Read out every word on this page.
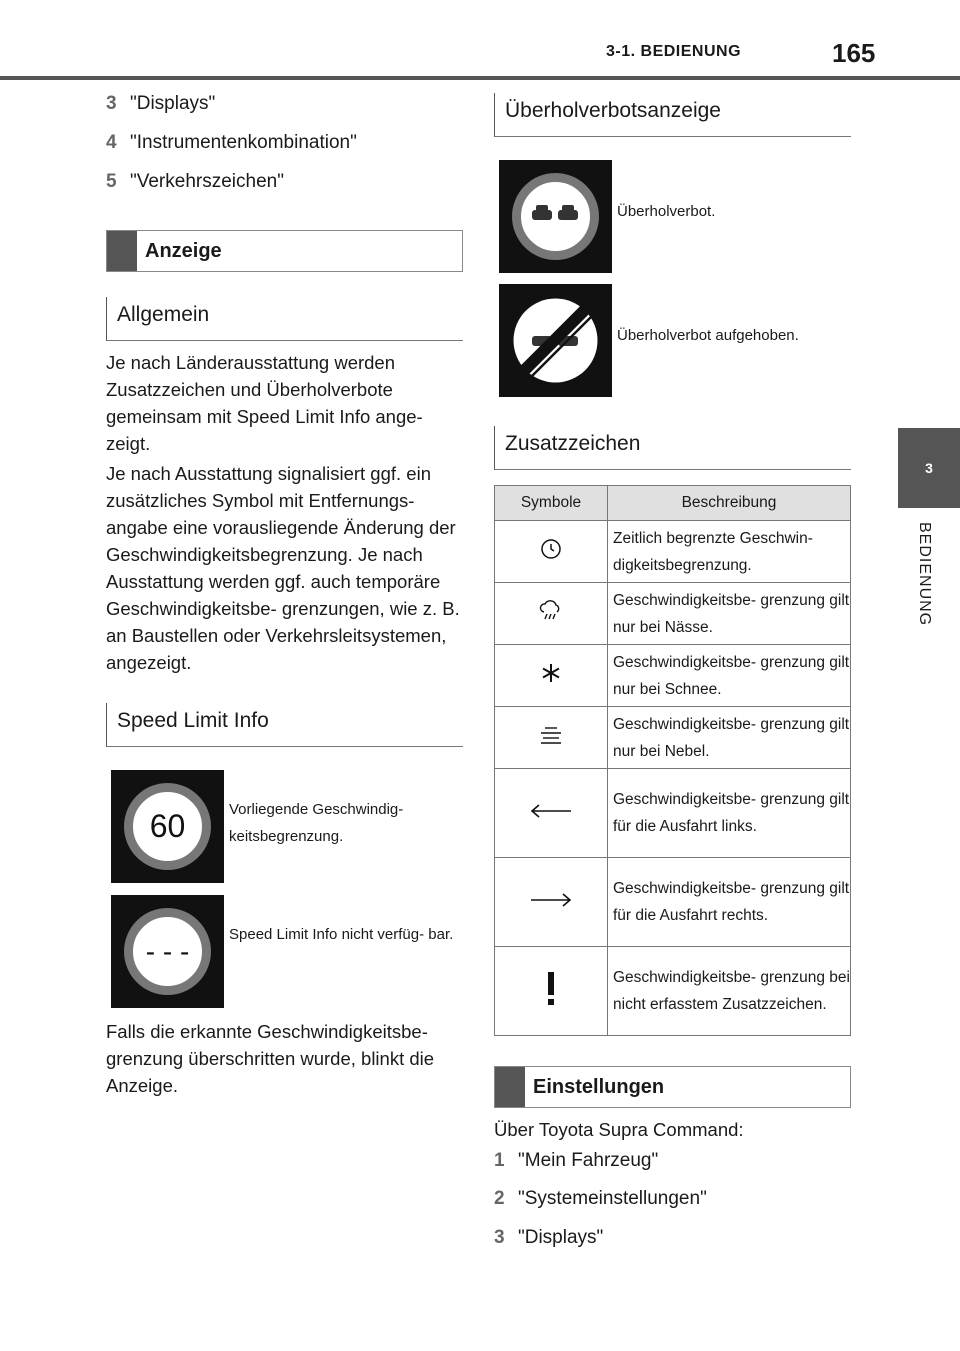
3-1. BEDIENUNG	165
3
BEDIENUNG
3 "Displays"
4 "Instrumentenkombination"
5 "Verkehrszeichen"
Anzeige
Allgemein
Je nach Länderausstattung werden Zusatzzeichen und Überholverbote gemeinsam mit Speed Limit Info ange- zeigt.
Je nach Ausstattung signalisiert ggf. ein zusätzliches Symbol mit Entfernungs- angabe eine vorausliegende Änderung der Geschwindigkeitsbegrenzung. Je nach Ausstattung werden ggf. auch temporäre Geschwindigkeitsbe- grenzungen, wie z. B. an Baustellen oder Verkehrsleitsystemen, angezeigt.
Speed Limit Info
60	Vorliegende Geschwindig- keitsbegrenzung.
- - -
Speed Limit Info nicht verfüg- bar.
Falls die erkannte Geschwindigkeitsbe- grenzung überschritten wurde, blinkt die Anzeige.
Überholverbotsanzeige
Überholverbot.
Überholverbot aufgehoben.
Zusatzzeichen
Symbole	Beschreibung
	Zeitlich begrenzte Geschwin- digkeitsbegrenzung.
	Geschwindigkeitsbe- grenzung gilt nur bei Nässe.
	Geschwindigkeitsbe- grenzung gilt nur bei Schnee.
	Geschwindigkeitsbe- grenzung gilt nur bei Nebel.
	Geschwindigkeitsbe- grenzung gilt für die Ausfahrt links.
	Geschwindigkeitsbe- grenzung gilt für die Ausfahrt rechts.
	Geschwindigkeitsbe- grenzung bei nicht erfasstem Zusatzzeichen.
Einstellungen
Über Toyota Supra Command:
1 "Mein Fahrzeug"
2 "Systemeinstellungen"
3 "Displays"
